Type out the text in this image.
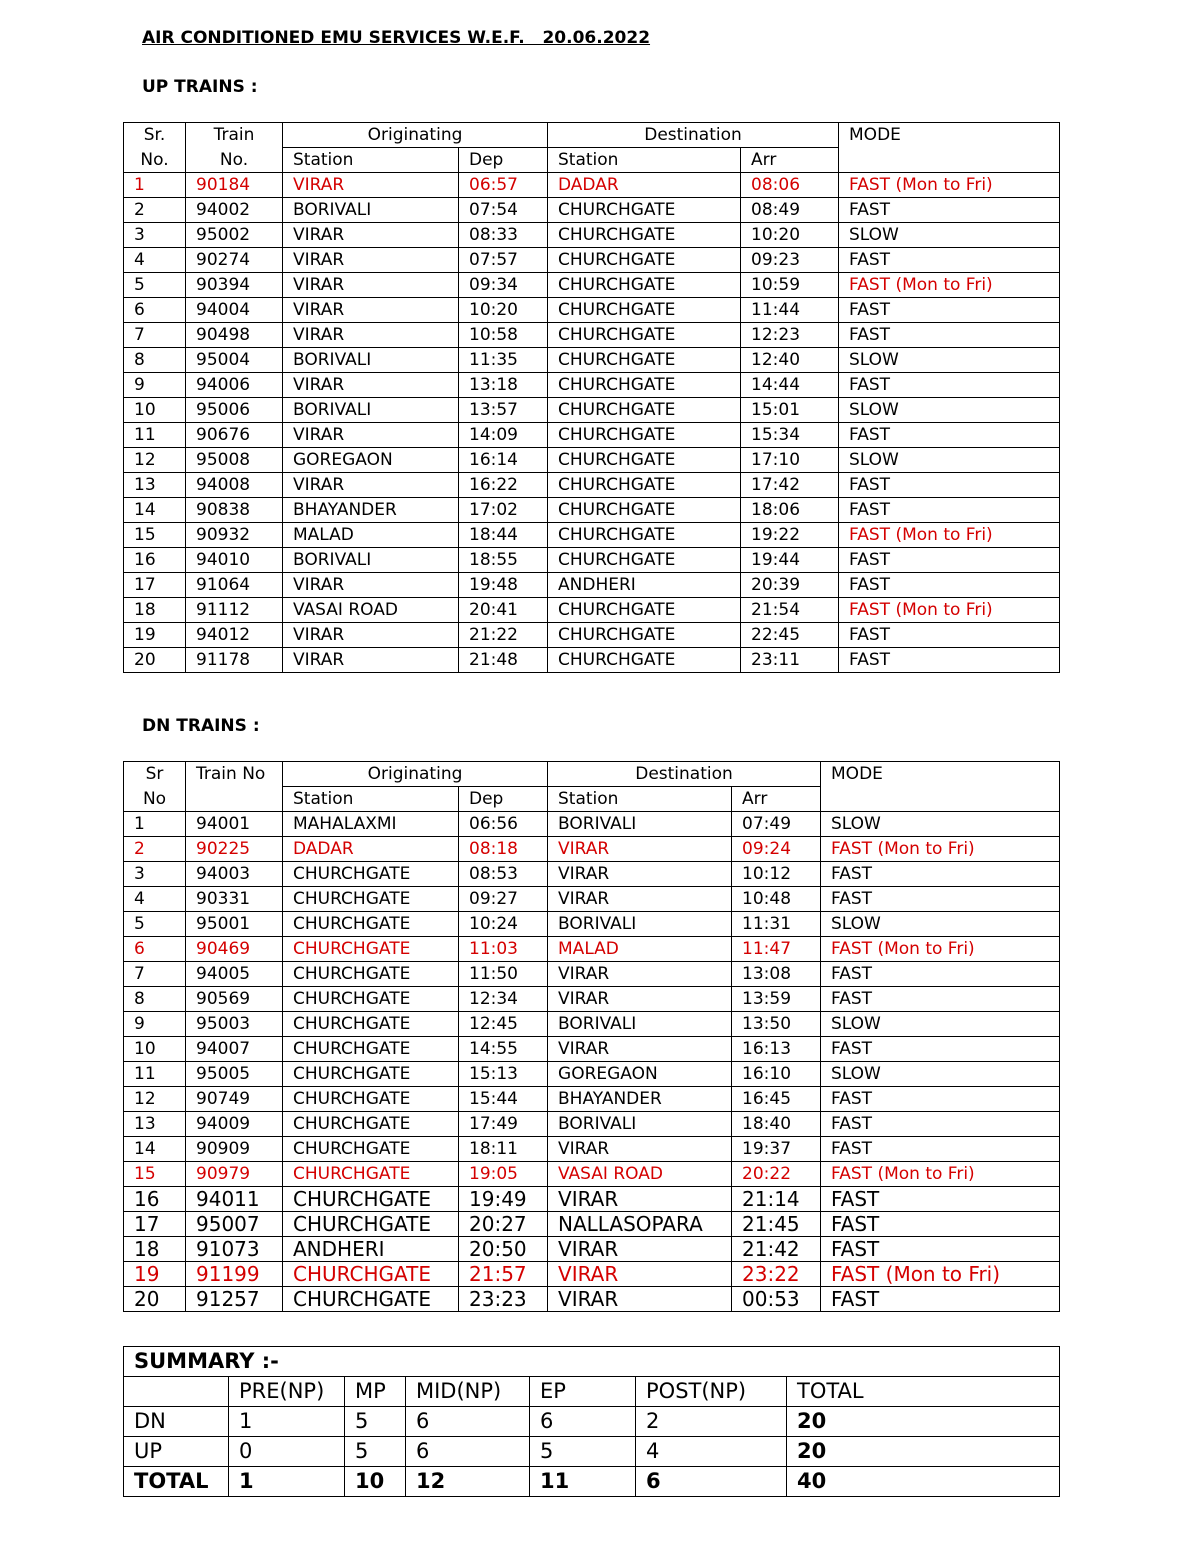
AIR CONDITIONED EMU SERVICES W.E.F.   20.06.2022
UP TRAINS :
Sr.	Train	Originating		Destination		MODE
No.	No.	Station	Dep	Station	Arr	
1	90184	VIRAR	06:57	DADAR	08:06	FAST (Mon to Fri)
2	94002	BORIVALI	07:54	CHURCHGATE	08:49	FAST
3	95002	VIRAR	08:33	CHURCHGATE	10:20	SLOW
4	90274	VIRAR	07:57	CHURCHGATE	09:23	FAST
5	90394	VIRAR	09:34	CHURCHGATE	10:59	FAST (Mon to Fri)
6	94004	VIRAR	10:20	CHURCHGATE	11:44	FAST
7	90498	VIRAR	10:58	CHURCHGATE	12:23	FAST
8	95004	BORIVALI	11:35	CHURCHGATE	12:40	SLOW
9	94006	VIRAR	13:18	CHURCHGATE	14:44	FAST
10	95006	BORIVALI	13:57	CHURCHGATE	15:01	SLOW
11	90676	VIRAR	14:09	CHURCHGATE	15:34	FAST
12	95008	GOREGAON	16:14	CHURCHGATE	17:10	SLOW
13	94008	VIRAR	16:22	CHURCHGATE	17:42	FAST
14	90838	BHAYANDER	17:02	CHURCHGATE	18:06	FAST
15	90932	MALAD	18:44	CHURCHGATE	19:22	FAST (Mon to Fri)
16	94010	BORIVALI	18:55	CHURCHGATE	19:44	FAST
17	91064	VIRAR	19:48	ANDHERI	20:39	FAST
18	91112	VASAI ROAD	20:41	CHURCHGATE	21:54	FAST (Mon to Fri)
19	94012	VIRAR	21:22	CHURCHGATE	22:45	FAST
20	91178	VIRAR	21:48	CHURCHGATE	23:11	FAST
DN TRAINS :
Sr	Train No	Originating		Destination		MODE
No		Station	Dep	Station	Arr	
1	94001	MAHALAXMI	06:56	BORIVALI	07:49	SLOW
2	90225	DADAR	08:18	VIRAR	09:24	FAST (Mon to Fri)
3	94003	CHURCHGATE	08:53	VIRAR	10:12	FAST
4	90331	CHURCHGATE	09:27	VIRAR	10:48	FAST
5	95001	CHURCHGATE	10:24	BORIVALI	11:31	SLOW
6	90469	CHURCHGATE	11:03	MALAD	11:47	FAST (Mon to Fri)
7	94005	CHURCHGATE	11:50	VIRAR	13:08	FAST
8	90569	CHURCHGATE	12:34	VIRAR	13:59	FAST
9	95003	CHURCHGATE	12:45	BORIVALI	13:50	SLOW
10	94007	CHURCHGATE	14:55	VIRAR	16:13	FAST
11	95005	CHURCHGATE	15:13	GOREGAON	16:10	SLOW
12	90749	CHURCHGATE	15:44	BHAYANDER	16:45	FAST
13	94009	CHURCHGATE	17:49	BORIVALI	18:40	FAST
14	90909	CHURCHGATE	18:11	VIRAR	19:37	FAST
15	90979	CHURCHGATE	19:05	VASAI ROAD	20:22	FAST (Mon to Fri)
16	94011	CHURCHGATE	19:49	VIRAR	21:14	FAST
17	95007	CHURCHGATE	20:27	NALLASOPARA	21:45	FAST
18	91073	ANDHERI	20:50	VIRAR	21:42	FAST
19	91199	CHURCHGATE	21:57	VIRAR	23:22	FAST (Mon to Fri)
20	91257	CHURCHGATE	23:23	VIRAR	00:53	FAST
SUMMARY :-						
	PRE(NP)	MP	MID(NP)	EP	POST(NP)	TOTAL
DN	1	5	6	6	2	20
UP	0	5	6	5	4	20
TOTAL	1	10	12	11	6	40
